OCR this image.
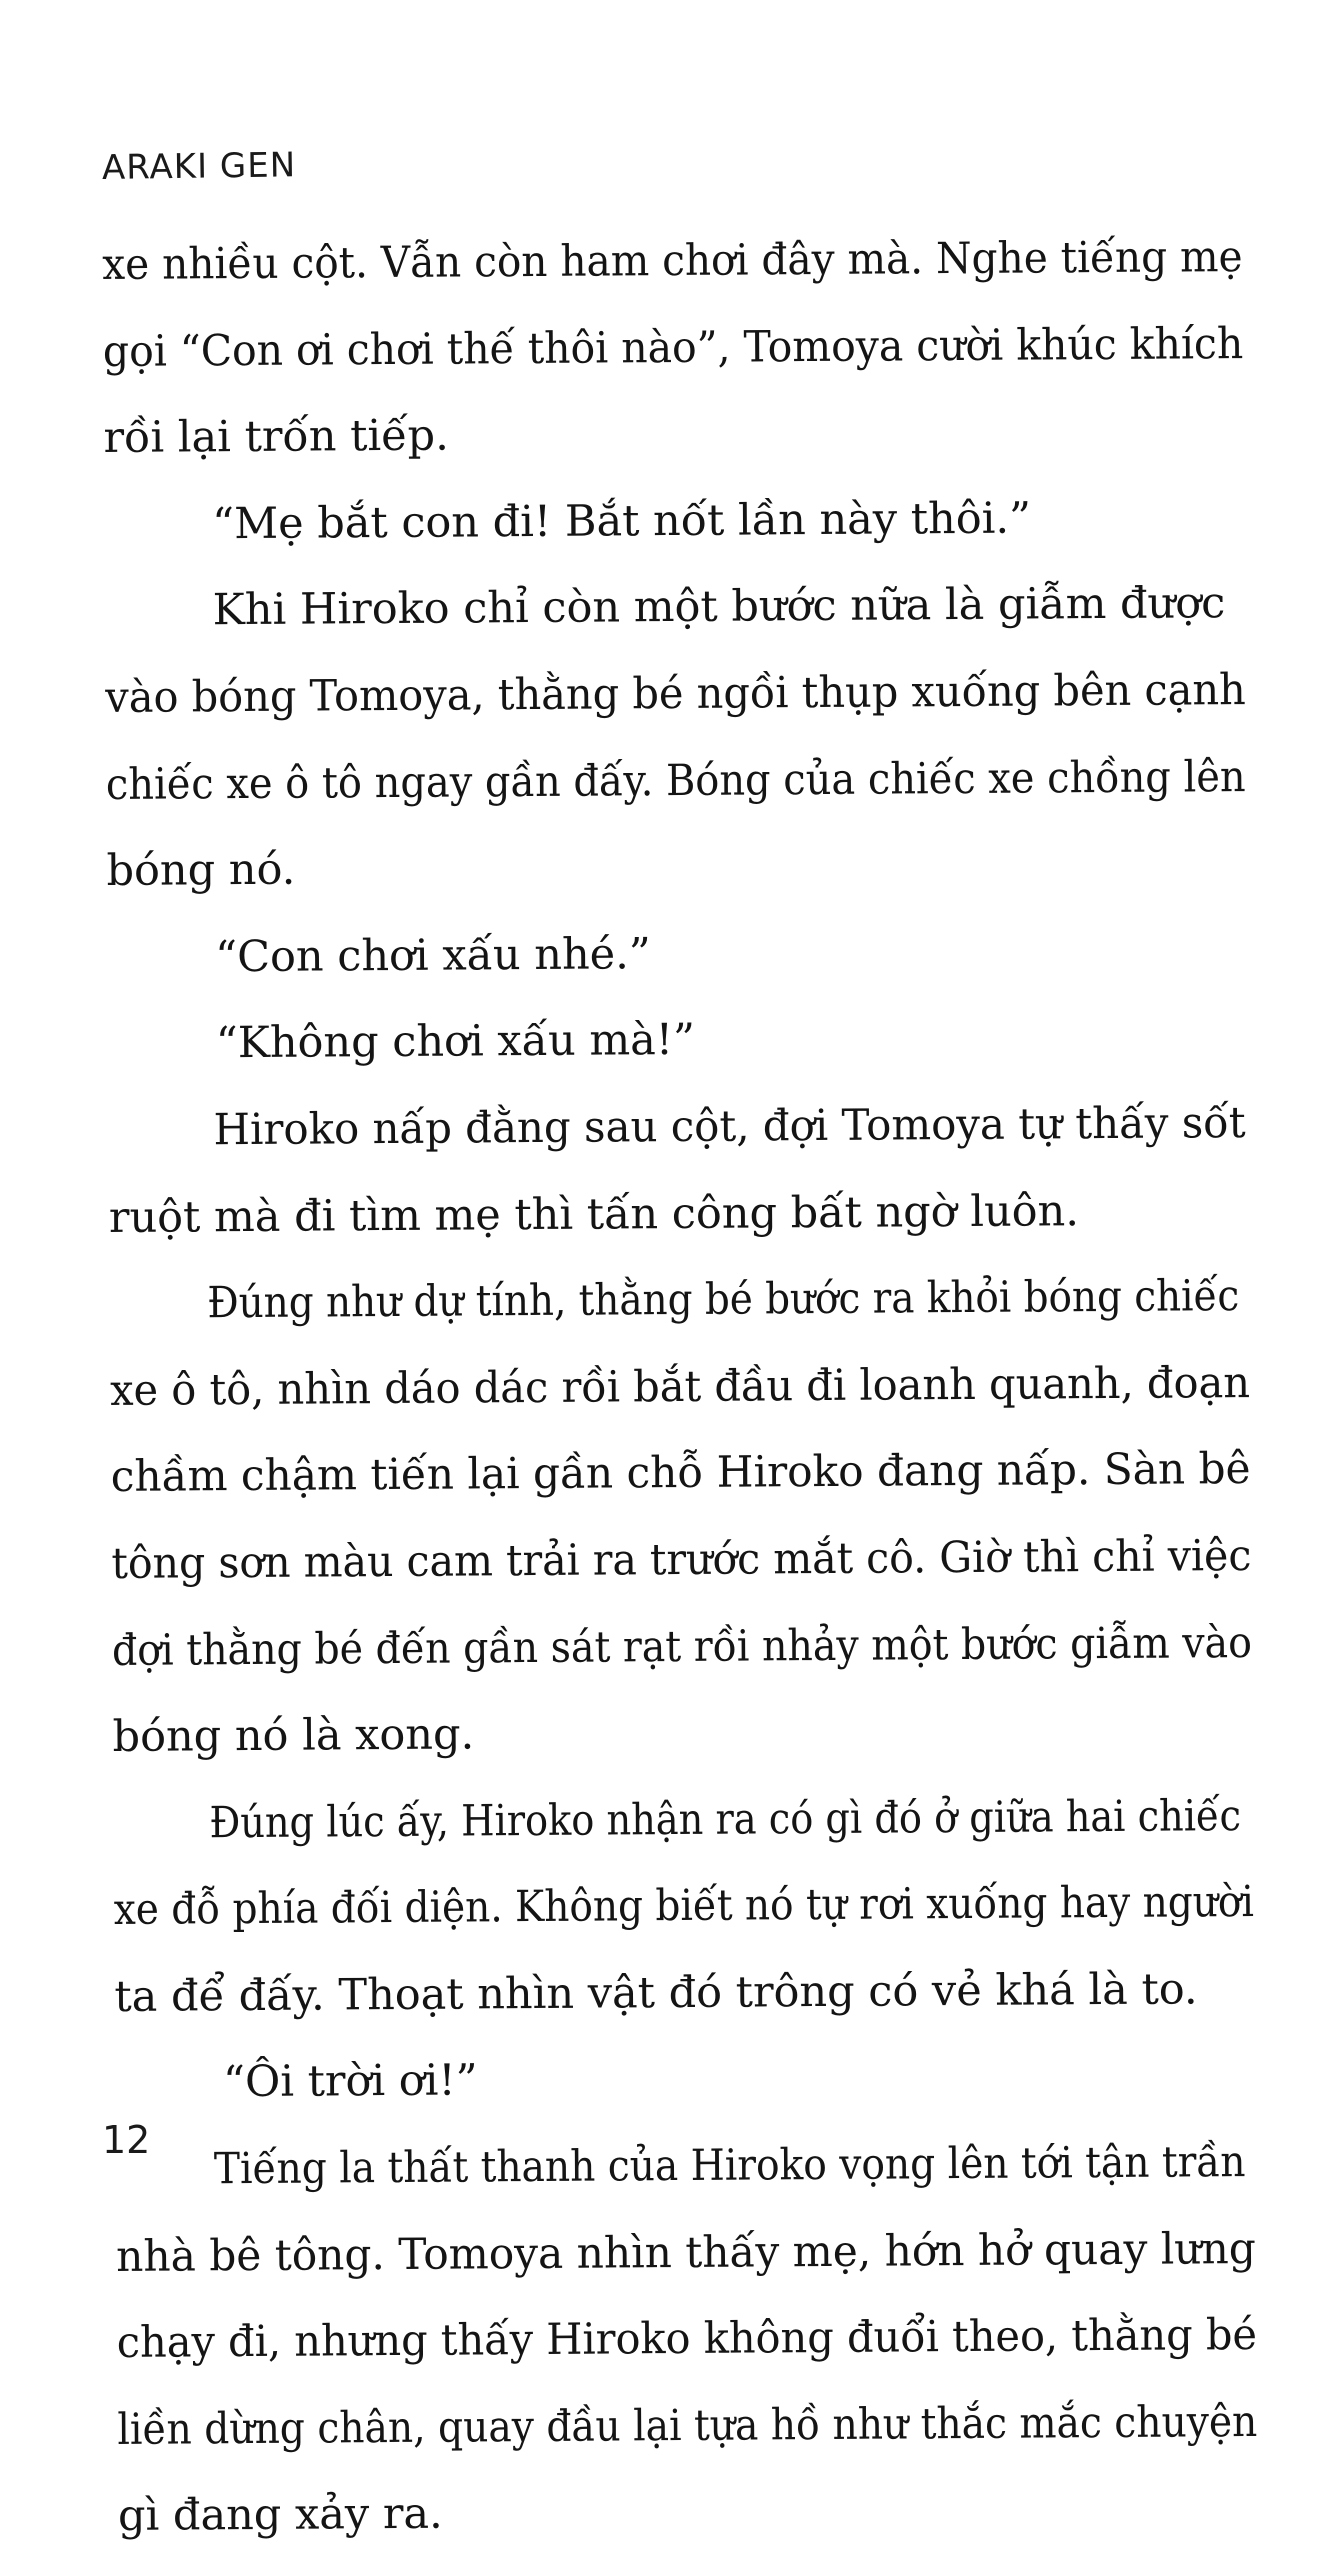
ARAKI GEN

xe nhiều cột. Vẫn còn ham chơi đây mà. Nghe tiếng mẹ
gọi “Con ơi chơi thế thôi nào”, Tomoya cười khúc khích
rồi lại trốn tiếp.
“Mẹ bắt con đi! Bắt nốt lần này thôi.”
Khi Hiroko chỉ còn một bước nữa là giẫm được
vào bóng Tomoya, thằng bé ngồi thụp xuống bên cạnh
chiếc xe ô tô ngay gần đấy. Bóng của chiếc xe chồng lên
bóng nó.
“Con chơi xấu nhé.”
“Không chơi xấu mà!”
Hiroko nấp đằng sau cột, đợi Tomoya tự thấy sốt
ruột mà đi tìm mẹ thì tấn công bất ngờ luôn.
Đúng như dự tính, thằng bé bước ra khỏi bóng chiếc
xe ô tô, nhìn dáo dác rồi bắt đầu đi loanh quanh, đoạn
chầm chậm tiến lại gần chỗ Hiroko đang nấp. Sàn bê
tông sơn màu cam trải ra trước mắt cô. Giờ thì chỉ việc
đợi thằng bé đến gần sát rạt rồi nhảy một bước giẫm vào
bóng nó là xong.
Đúng lúc ấy, Hiroko nhận ra có gì đó ở giữa hai chiếc
xe đỗ phía đối diện. Không biết nó tự rơi xuống hay người
ta để đấy. Thoạt nhìn vật đó trông có vẻ khá là to.
“Ôi trời ơi!”
Tiếng la thất thanh của Hiroko vọng lên tới tận trần
nhà bê tông. Tomoya nhìn thấy mẹ, hớn hở quay lưng
chạy đi, nhưng thấy Hiroko không đuổi theo, thằng bé
liền dừng chân, quay đầu lại tựa hồ như thắc mắc chuyện
gì đang xảy ra.

12
